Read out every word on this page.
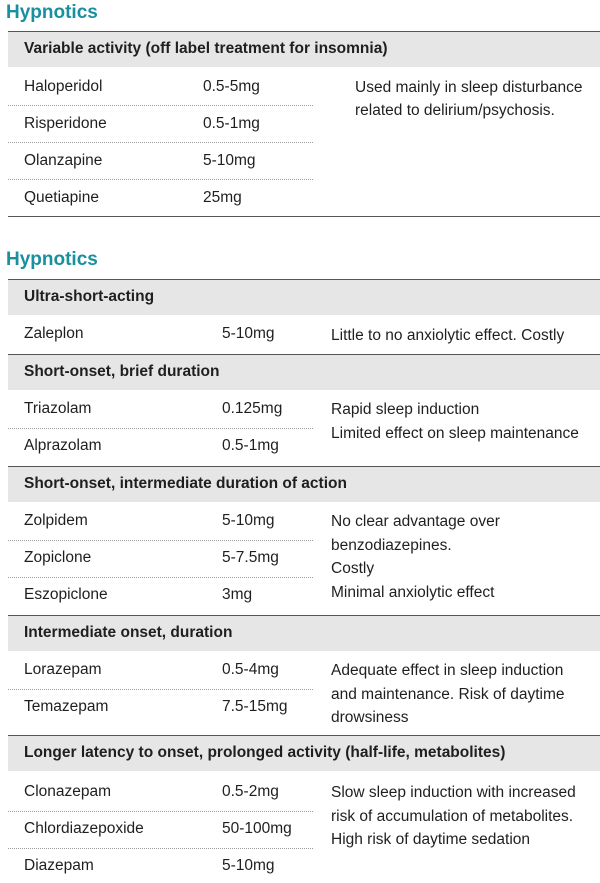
Hypnotics
Variable activity (off label treatment for insomnia)
Haloperidol	0.5-5mg
Risperidone	0.5-1mg
Olanzapine	5-10mg
Quetiapine	25mg
Used mainly in sleep disturbance
related to delirium/psychosis.
Hypnotics
Ultra-short-acting
Zaleplon	5-10mg	Little to no anxiolytic effect. Costly
Short-onset, brief duration
Triazolam	0.125mg
Alprazolam	0.5-1mg
Rapid sleep induction
Limited effect on sleep maintenance
Short-onset, intermediate duration of action
Zolpidem	5-10mg
Zopiclone	5-7.5mg
Eszopiclone	3mg
No clear advantage over
benzodiazepines.
Costly
Minimal anxiolytic effect
Intermediate onset, duration
Lorazepam	0.5-4mg
Temazepam	7.5-15mg
Adequate effect in sleep induction
and maintenance. Risk of daytime
drowsiness
Longer latency to onset, prolonged activity (half-life, metabolites)
Clonazepam	0.5-2mg
Chlordiazepoxide	50-100mg
Diazepam	5-10mg
Slow sleep induction with increased
risk of accumulation of metabolites.
High risk of daytime sedation
